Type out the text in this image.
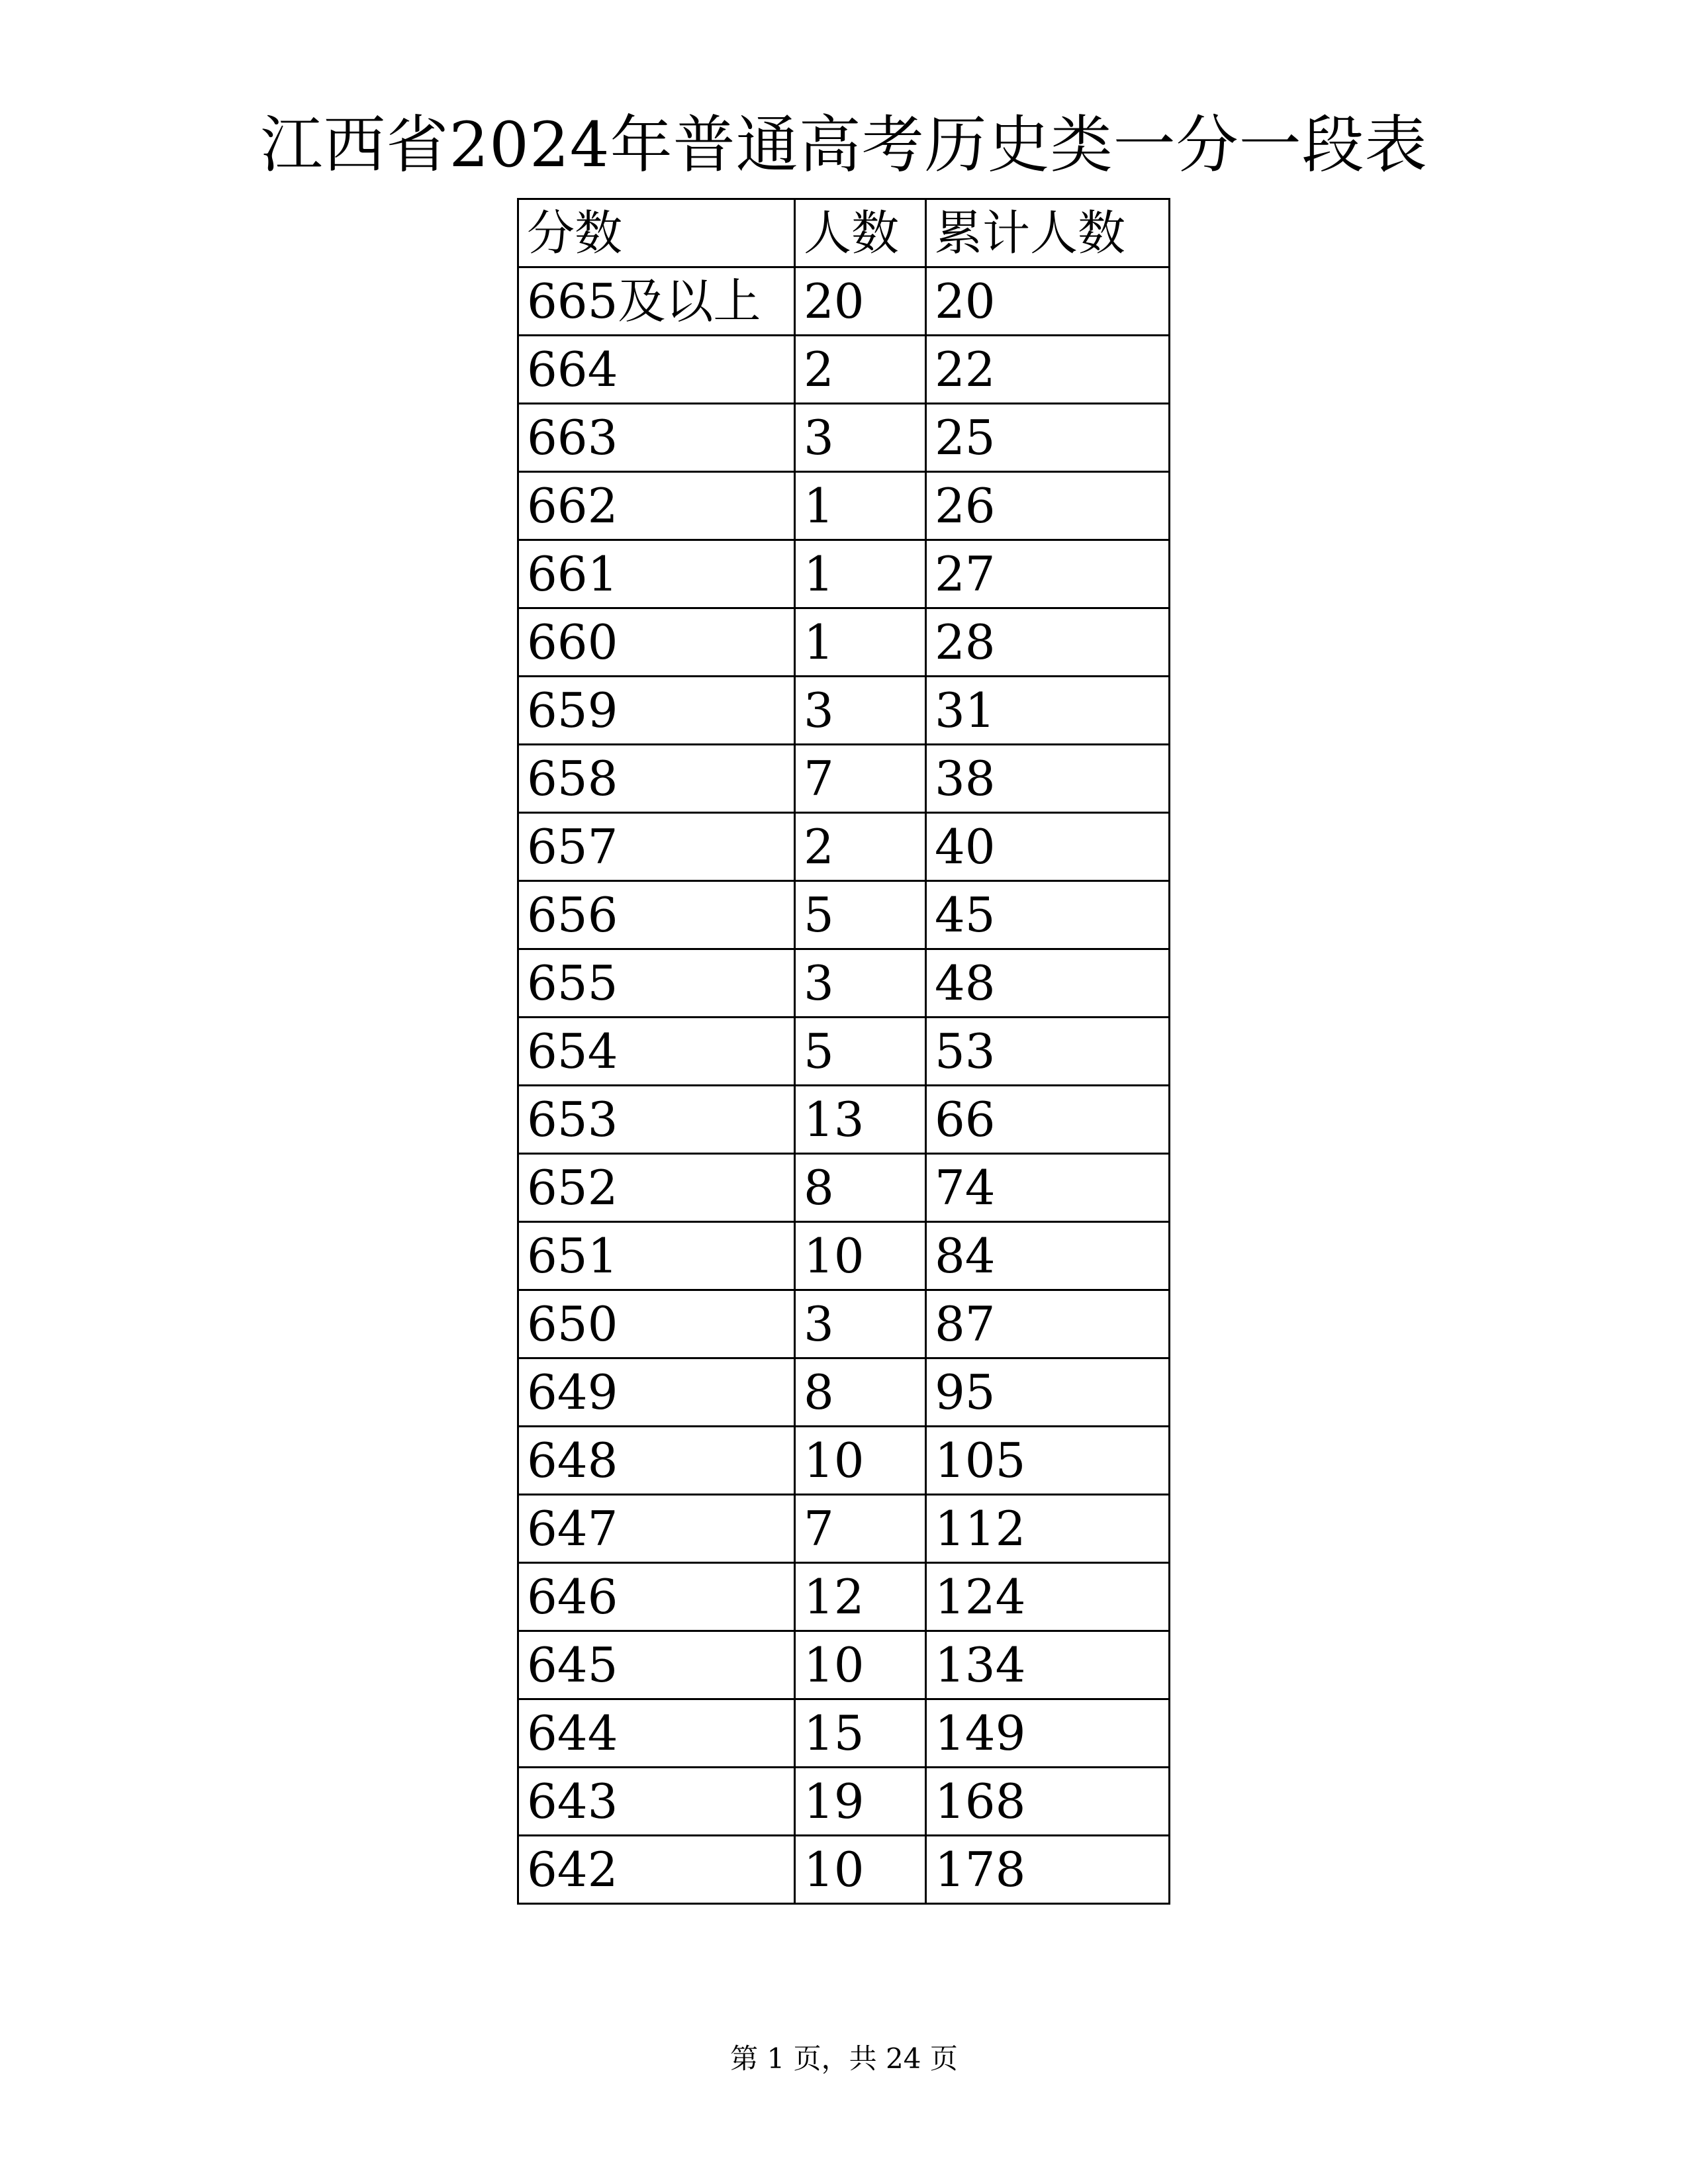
江西省2024年普通高考历史类一分一段表
分数	人数	累计人数
665及以上	20	20
664	2	22
663	3	25
662	1	26
661	1	27
660	1	28
659	3	31
658	7	38
657	2	40
656	5	45
655	3	48
654	5	53
653	13	66
652	8	74
651	10	84
650	3	87
649	8	95
648	10	105
647	7	112
646	12	124
645	10	134
644	15	149
643	19	168
642	10	178
第 1 页，共 24 页
